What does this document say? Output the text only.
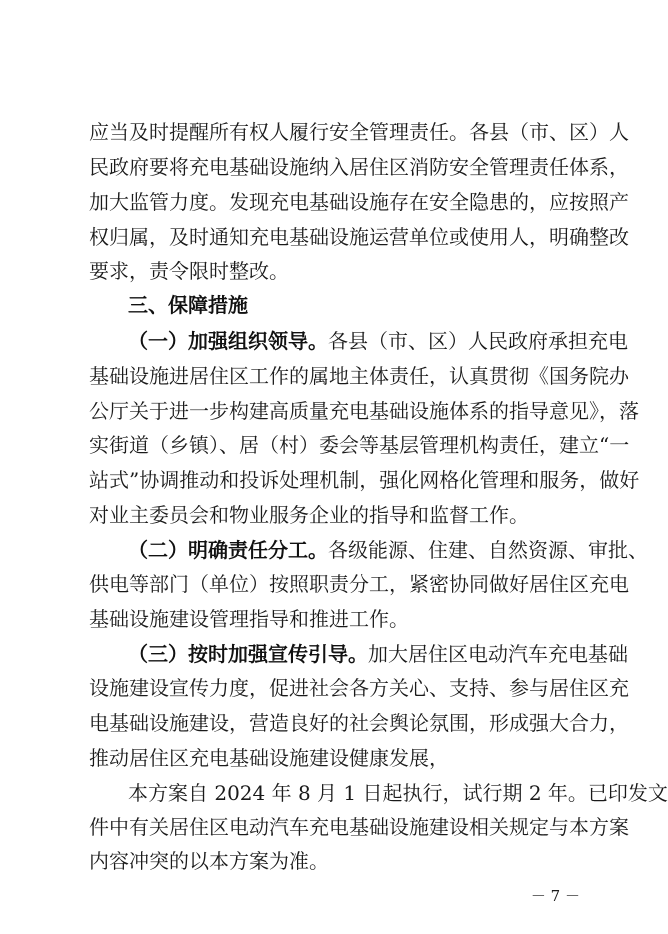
应当及时提醒所有权人履行安全管理责任。各县（市、区）人
民政府要将充电基础设施纳入居住区消防安全管理责任体系，
加大监管力度。发现充电基础设施存在安全隐患的，应按照产
权归属，及时通知充电基础设施运营单位或使用人，明确整改
要求，责令限时整改。
三、保障措施
（一）加强组织领导。各县（市、区）人民政府承担充电
基础设施进居住区工作的属地主体责任，认真贯彻《国务院办
公厅关于进一步构建高质量充电基础设施体系的指导意见》，落
实街道（乡镇）、居（村）委会等基层管理机构责任，建立“一
站式”协调推动和投诉处理机制，强化网格化管理和服务，做好
对业主委员会和物业服务企业的指导和监督工作。
（二）明确责任分工。各级能源、住建、自然资源、审批、
供电等部门（单位）按照职责分工，紧密协同做好居住区充电
基础设施建设管理指导和推进工作。
（三）按时加强宣传引导。加大居住区电动汽车充电基础
设施建设宣传力度，促进社会各方关心、支持、参与居住区充
电基础设施建设，营造良好的社会舆论氛围，形成强大合力，
推动居住区充电基础设施建设健康发展，
本方案自 2024 年 8 月 1 日起执行，试行期 2 年。已印发文
件中有关居住区电动汽车充电基础设施建设相关规定与本方案
内容冲突的以本方案为准。
－ 7 －
